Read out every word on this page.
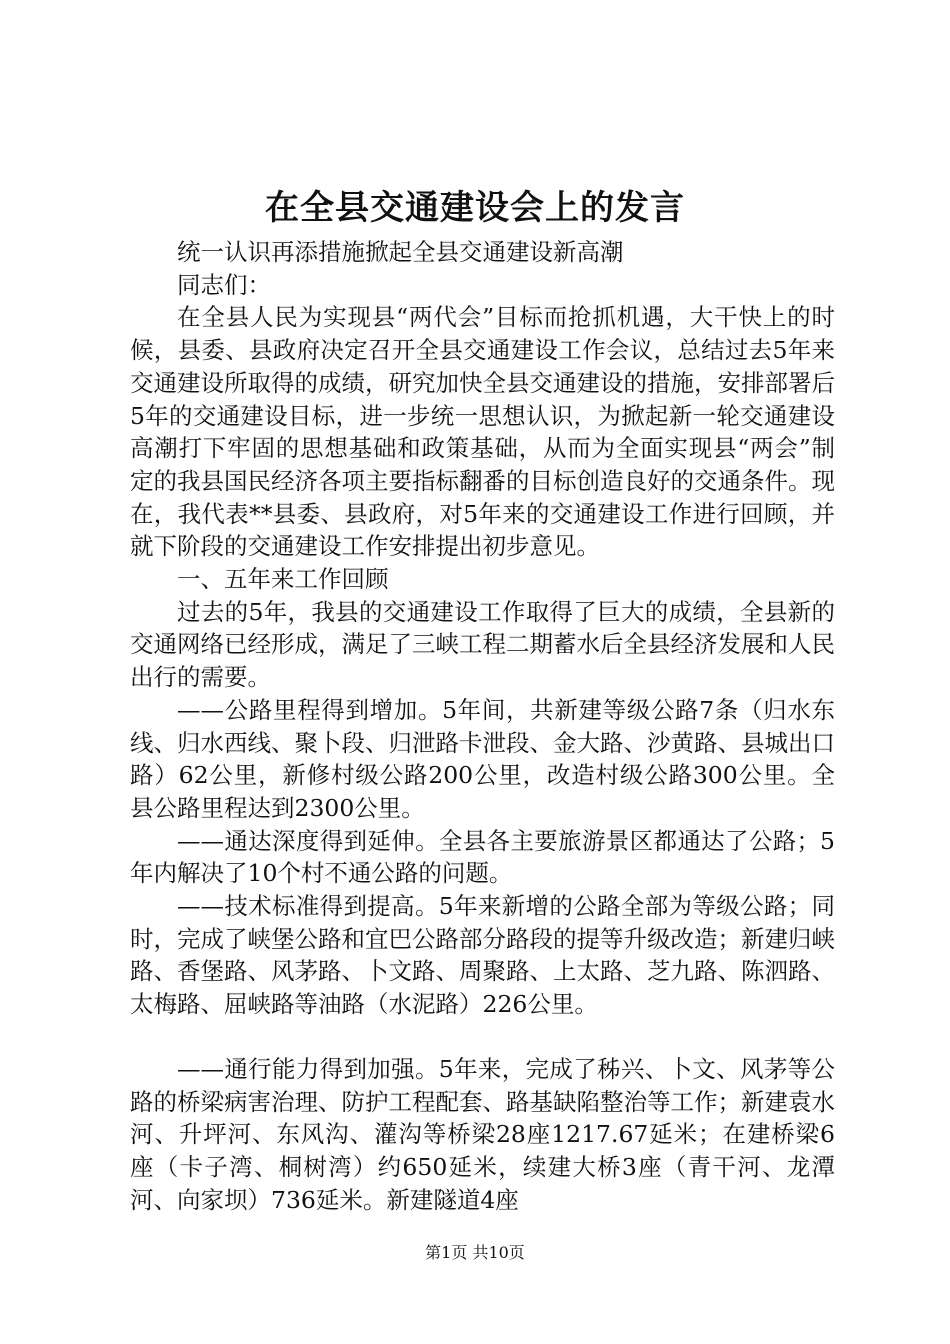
在全县交通建设会上的发言

统一认识再添措施掀起全县交通建设新高潮

同志们：

在全县人民为实现县“两代会”目标而抢抓机遇，大干快上的时候，县委、县政府决定召开全县交通建设工作会议，总结过去5年来交通建设所取得的成绩，研究加快全县交通建设的措施，安排部署后5年的交通建设目标，进一步统一思想认识，为掀起新一轮交通建设高潮打下牢固的思想基础和政策基础，从而为全面实现县“两会”制定的我县国民经济各项主要指标翻番的目标创造良好的交通条件。现在，我代表**县委、县政府，对5年来的交通建设工作进行回顾，并就下阶段的交通建设工作安排提出初步意见。

一、五年来工作回顾

过去的5年，我县的交通建设工作取得了巨大的成绩，全县新的交通网络已经形成，满足了三峡工程二期蓄水后全县经济发展和人民出行的需要。

——公路里程得到增加。5年间，共新建等级公路7条（归水东线、归水西线、聚卜段、归泄路卡泄段、金大路、沙黄路、县城出口路）62公里，新修村级公路200公里，改造村级公路300公里。全县公路里程达到2300公里。

——通达深度得到延伸。全县各主要旅游景区都通达了公路；5年内解决了10个村不通公路的问题。

——技术标准得到提高。5年来新增的公路全部为等级公路；同时，完成了峡堡公路和宜巴公路部分路段的提等升级改造；新建归峡路、香堡路、风茅路、卜文路、周聚路、上太路、芝九路、陈泗路、太梅路、屈峡路等油路（水泥路）226公里。

——通行能力得到加强。5年来，完成了秭兴、卜文、风茅等公路的桥梁病害治理、防护工程配套、路基缺陷整治等工作；新建袁水河、升坪河、东风沟、灌沟等桥梁28座1217.67延米；在建桥梁6座（卡子湾、桐树湾）约650延米，续建大桥3座（青干河、龙潭河、向家坝）736延米。新建隧道4座

第1页 共10页
